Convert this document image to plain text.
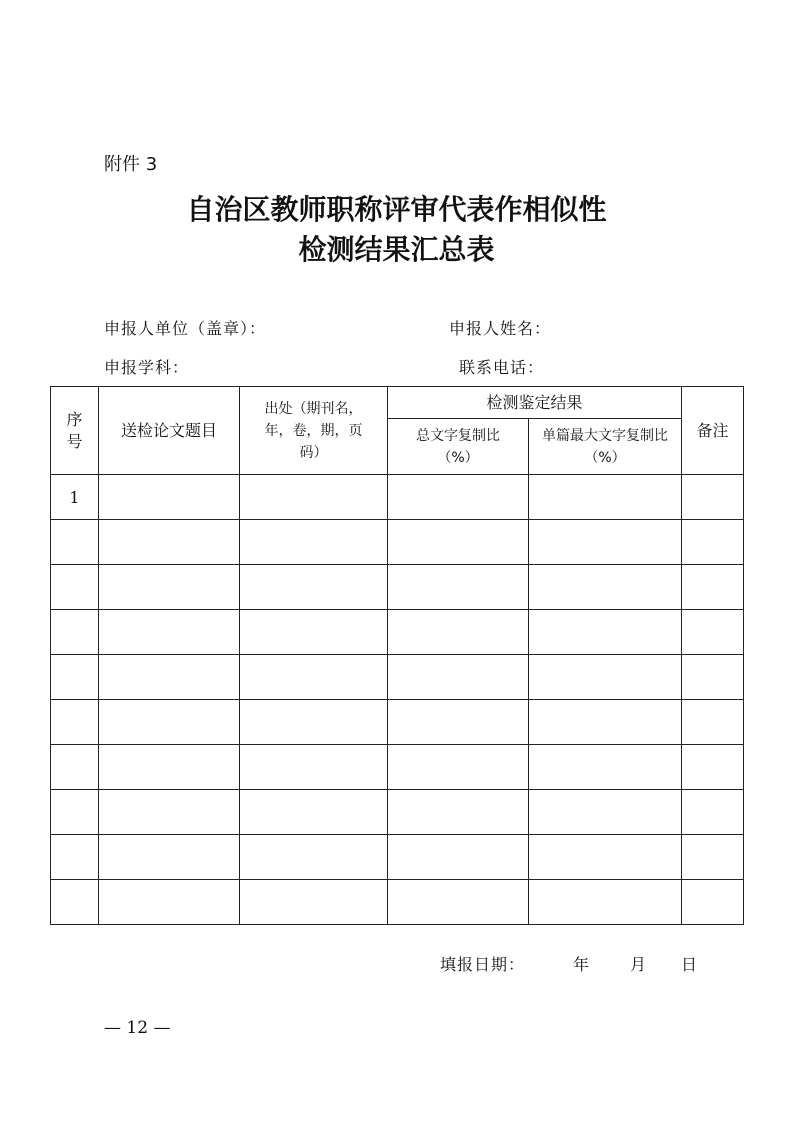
附件 3
自治区教师职称评审代表作相似性
检测结果汇总表
申报人单位（盖章）：	申报人姓名：
申报学科：	联系电话：
序号	送检论文题目	出处（期刊名，年，卷，期，页码）	检测鉴定结果		备注

			总文字复制比（%）	单篇最大文字复制比（%）	

1					

填报日期：	年	月 日
— 12 —
